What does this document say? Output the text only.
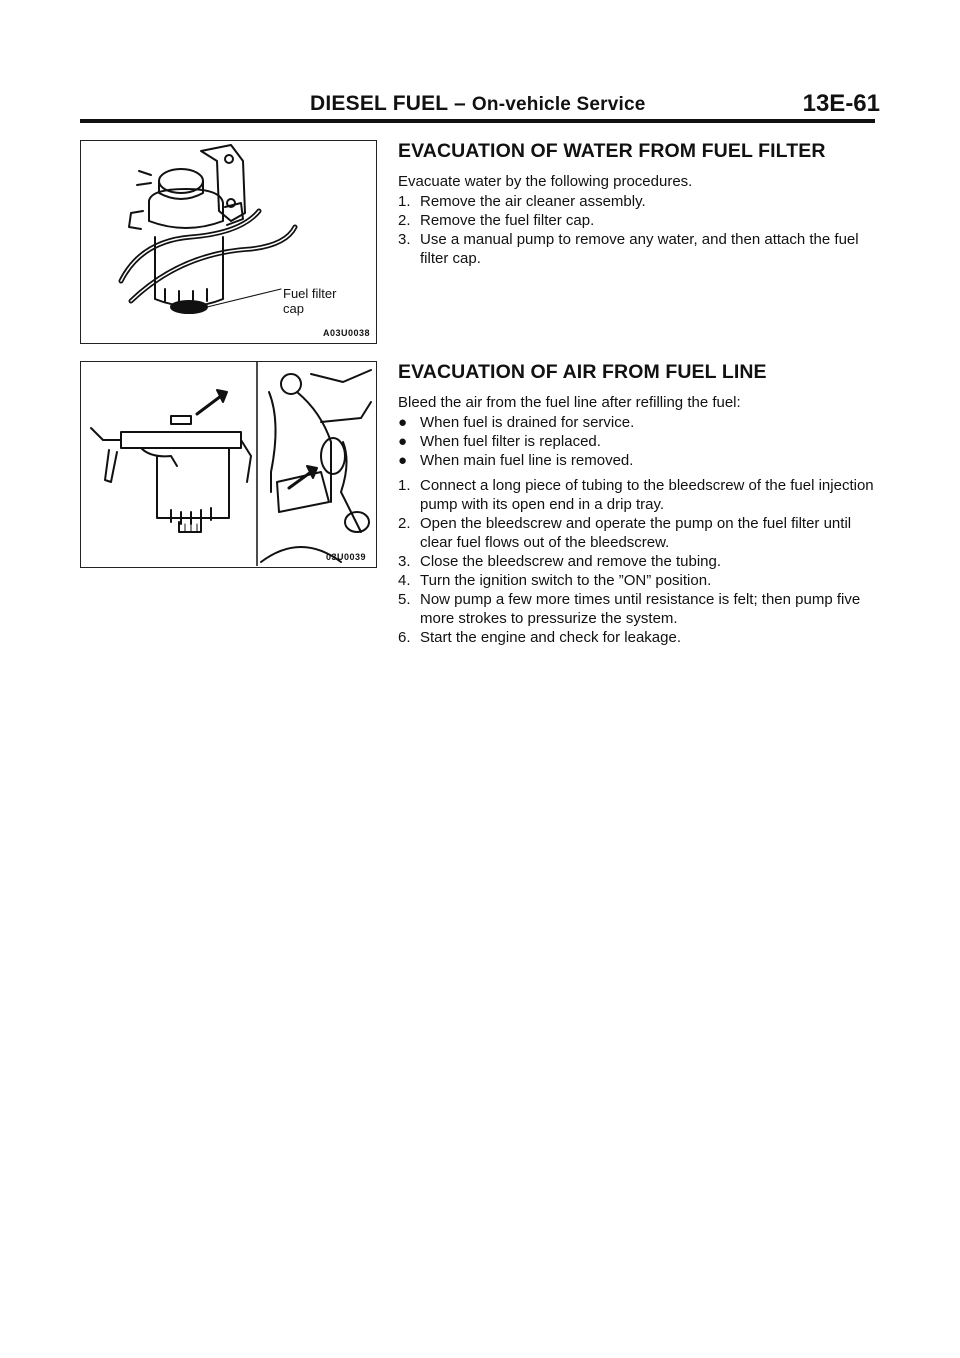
DIESEL FUEL – On-vehicle Service	13E-61
Fuel filter
cap
A03U0038
03U0039
EVACUATION OF WATER FROM FUEL FILTER
Evacuate water by the following procedures.
1. Remove the air cleaner assembly.
2. Remove the fuel filter cap.
3. Use a manual pump to remove any water, and then attach the fuel filter cap.
EVACUATION OF AIR FROM FUEL LINE
Bleed the air from the fuel line after refilling the fuel:
● When fuel is drained for service.
● When fuel filter is replaced.
● When main fuel line is removed.
1. Connect a long piece of tubing to the bleedscrew of the fuel injection pump with its open end in a drip tray.
2. Open the bleedscrew and operate the pump on the fuel filter until clear fuel flows out of the bleedscrew.
3. Close the bleedscrew and remove the tubing.
4. Turn the ignition switch to the ”ON” position.
5. Now pump a few more times until resistance is felt; then pump five more strokes to pressurize the system.
6. Start the engine and check for leakage.
